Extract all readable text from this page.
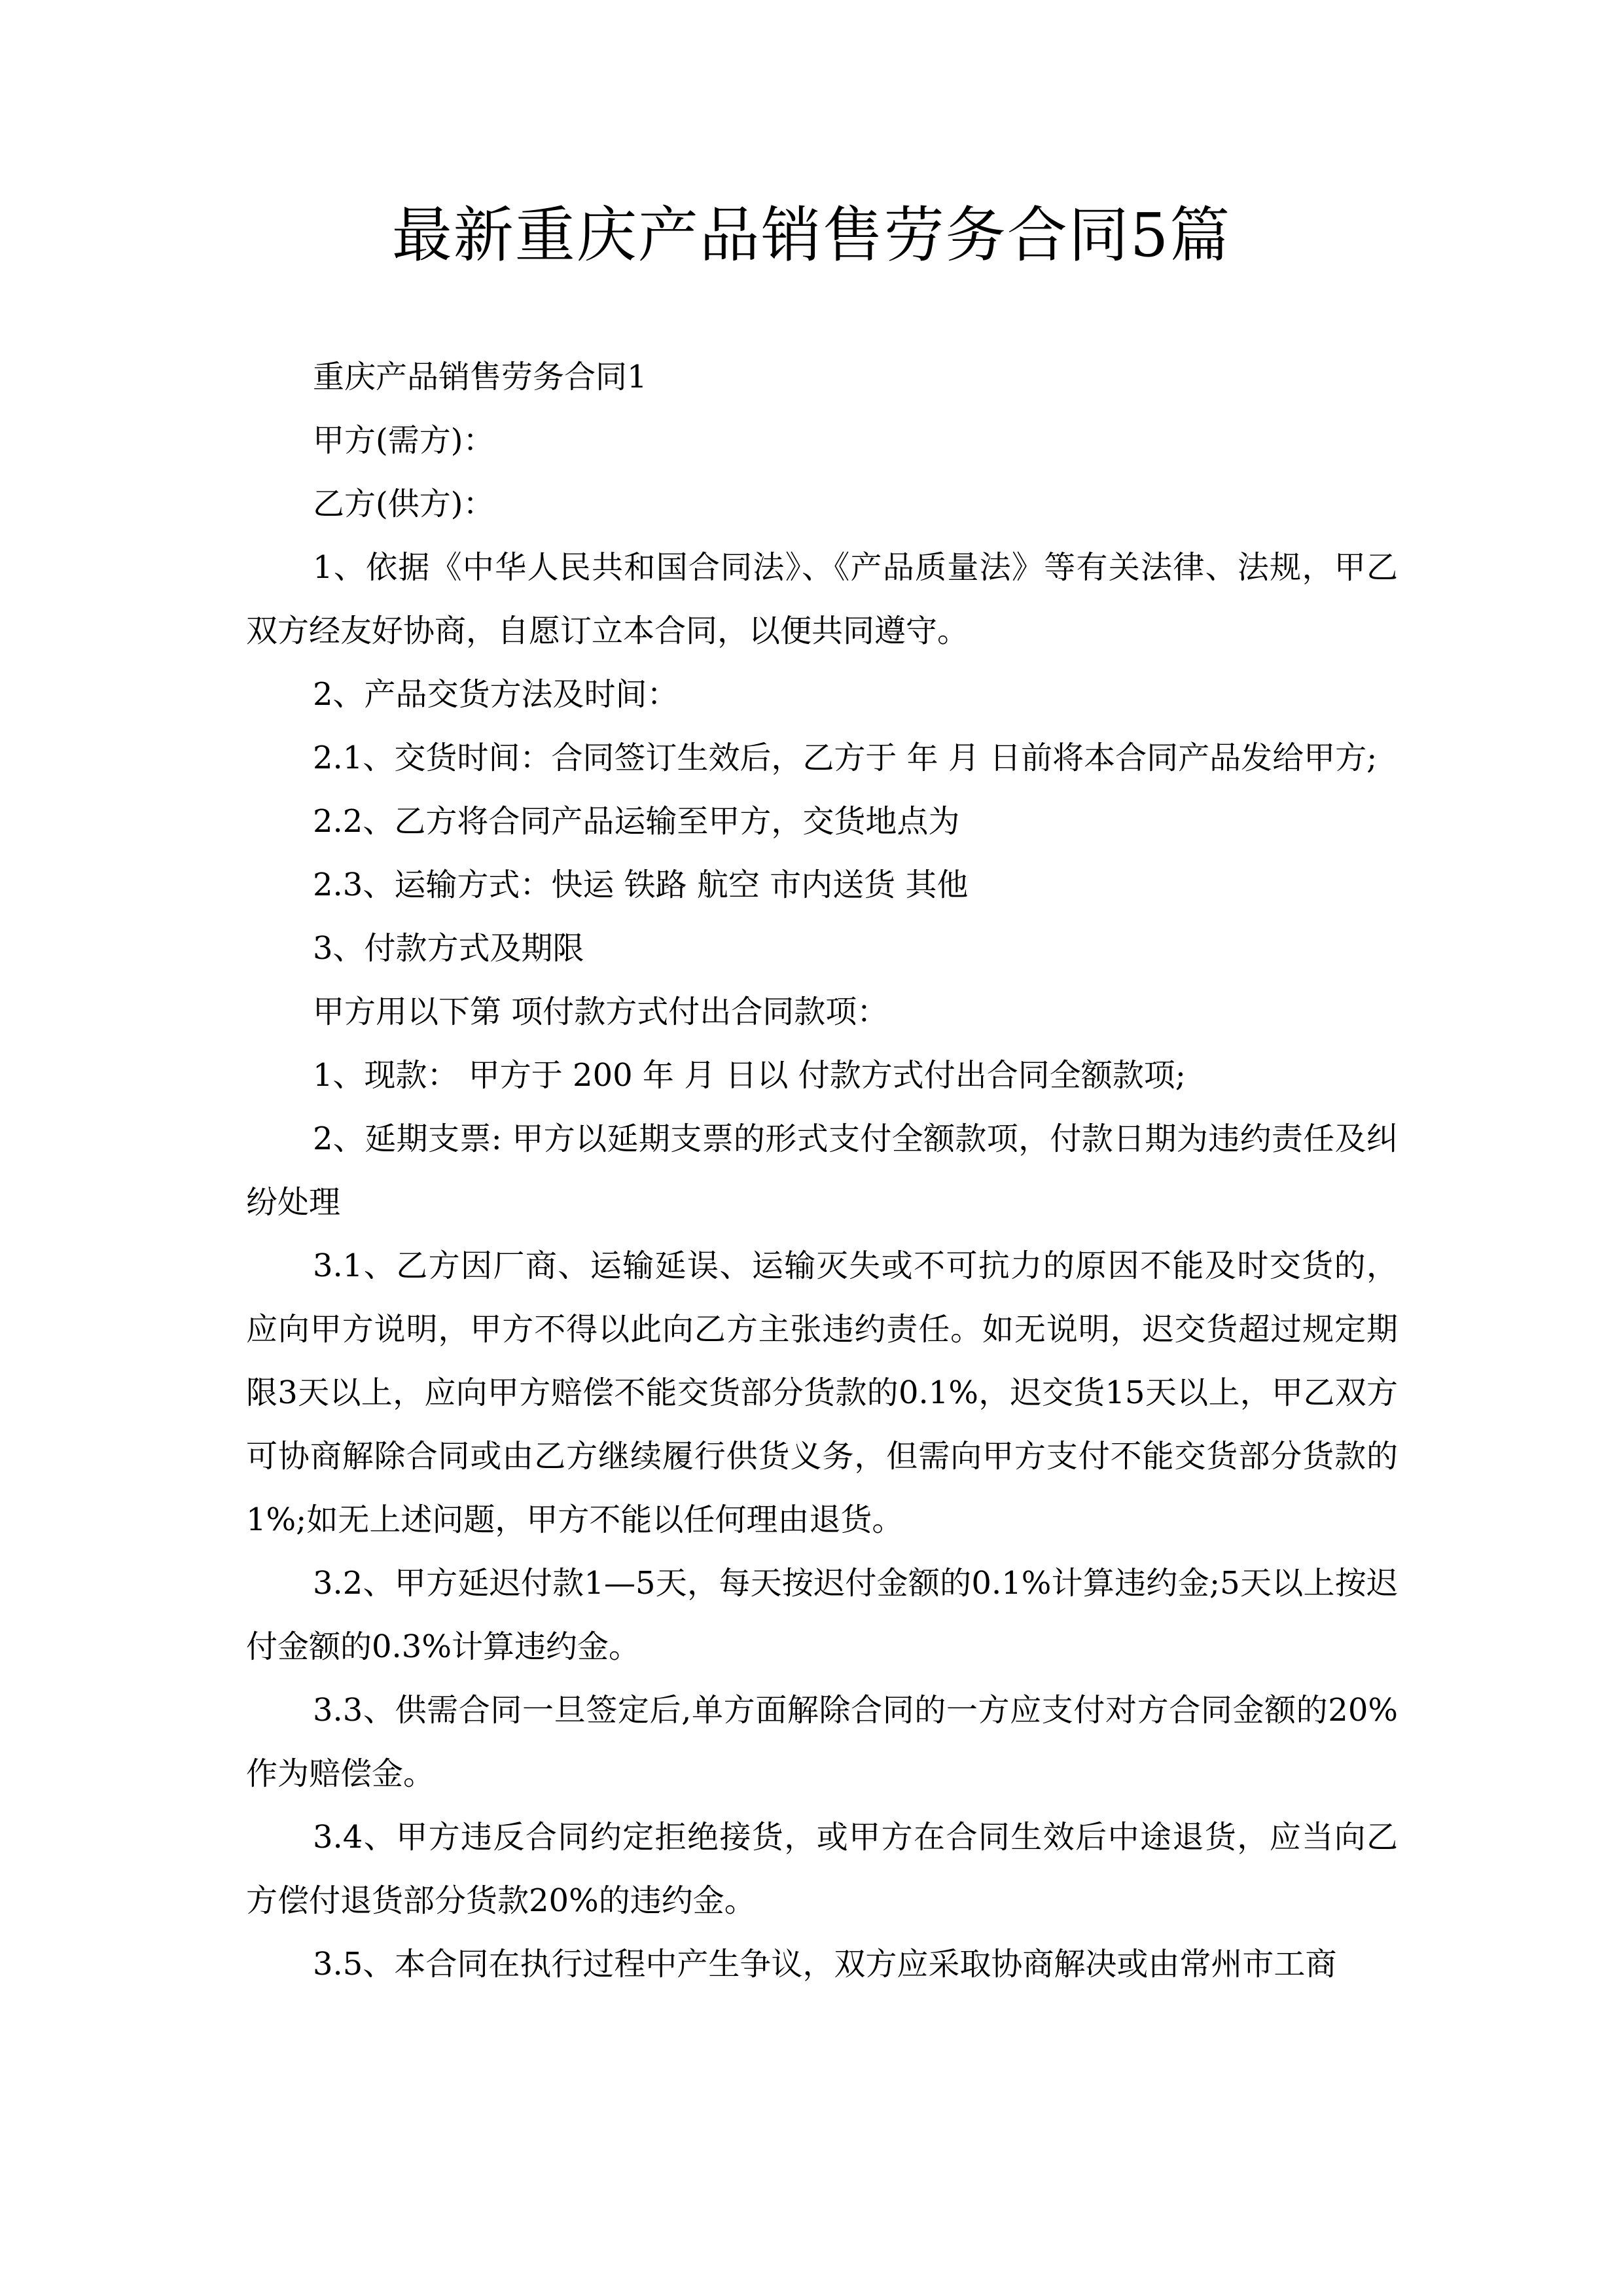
最新重庆产品销售劳务合同5篇

重庆产品销售劳务合同1

甲方(需方)：

乙方(供方)：

1、依据《中华人民共和国合同法》、《产品质量法》等有关法律、法规，甲乙双方经友好协商，自愿订立本合同，以便共同遵守。

2、产品交货方法及时间：

2.1、交货时间：合同签订生效后，乙方于 年 月 日前将本合同产品发给甲方;

2.2、乙方将合同产品运输至甲方，交货地点为

2.3、运输方式：快运 铁路 航空 市内送货 其他

3、付款方式及期限

甲方用以下第 项付款方式付出合同款项：

1、现款： 甲方于 200 年 月 日以 付款方式付出合同全额款项;

2、延期支票: 甲方以延期支票的形式支付全额款项，付款日期为违约责任及纠纷处理

3.1、乙方因厂商、运输延误、运输灭失或不可抗力的原因不能及时交货的，应向甲方说明，甲方不得以此向乙方主张违约责任。如无说明，迟交货超过规定期限3天以上，应向甲方赔偿不能交货部分货款的0.1%，迟交货15天以上，甲乙双方可协商解除合同或由乙方继续履行供货义务，但需向甲方支付不能交货部分货款的1%;如无上述问题，甲方不能以任何理由退货。

3.2、甲方延迟付款1—5天，每天按迟付金额的0.1%计算违约金;5天以上按迟付金额的0.3%计算违约金。

3.3、供需合同一旦签定后,单方面解除合同的一方应支付对方合同金额的20%作为赔偿金。

3.4、甲方违反合同约定拒绝接货，或甲方在合同生效后中途退货，应当向乙方偿付退货部分货款20%的违约金。

3.5、本合同在执行过程中产生争议，双方应采取协商解决或由常州市工商
